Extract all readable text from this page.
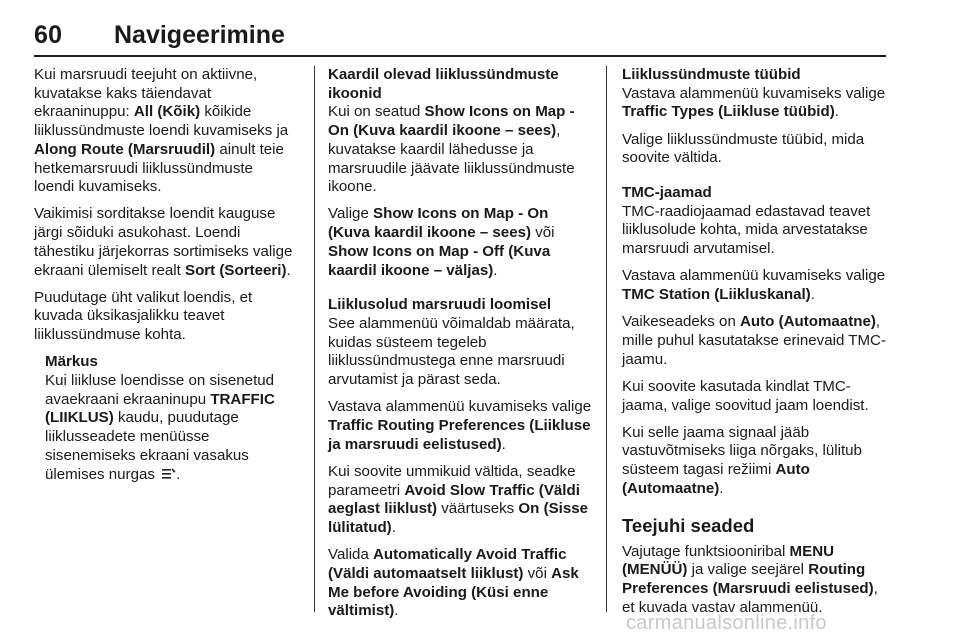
60 Navigeerimine

Kui marsruudi teejuht on aktiivne, kuvatakse kaks täiendavat ekraaninuppu: All (Kõik) kõikide liiklussündmuste loendi kuvamiseks ja Along Route (Marsruudil) ainult teie hetkemarsruudi liiklussündmuste loendi kuvamiseks.

Vaikimisi sorditakse loendit kauguse järgi sõiduki asukohast. Loendi tähestiku järjekorras sortimiseks valige ekraani ülemiselt realt Sort (Sorteeri).

Puudutage üht valikut loendis, et kuvada üksikasjalikku teavet liiklussündmuse kohta.

Märkus
Kui liikluse loendisse on sisenetud avaekraani ekraaninupu TRAFFIC (LIIKLUS) kaudu, puudutage liiklusseadete menüüsse sisenemiseks ekraani vasakus ülemises nurgas .
Kaardil olevad liiklussündmuste ikoonid

Kui on seatud Show Icons on Map - On (Kuva kaardil ikoone – sees), kuvatakse kaardil lähedusse ja marsruudile jäävate liiklussündmuste ikoone.

Valige Show Icons on Map - On (Kuva kaardil ikoone – sees) või Show Icons on Map - Off (Kuva kaardil ikoone – väljas).

Liiklusolud marsruudi loomisel

See alammenüü võimaldab määrata, kuidas süsteem tegeleb liiklussündmustega enne marsruudi arvutamist ja pärast seda.

Vastava alammenüü kuvamiseks valige Traffic Routing Preferences (Liikluse ja marsruudi eelistused).

Kui soovite ummikuid vältida, seadke parameetri Avoid Slow Traffic (Väldi aeglast liiklust) väärtuseks On (Sisse lülitatud).

Valida Automatically Avoid Traffic (Väldi automaatselt liiklust) või Ask Me before Avoiding (Küsi enne vältimist).

Liiklussündmuste tüübid

Vastava alammenüü kuvamiseks valige Traffic Types (Liikluse tüübid).

Valige liiklussündmuste tüübid, mida soovite vältida.

TMC-jaamad

TMC-raadiojaamad edastavad teavet liiklusolude kohta, mida arvestatakse marsruudi arvutamisel.

Vastava alammenüü kuvamiseks valige TMC Station (Liikluskanal).

Vaikeseadeks on Auto (Automaatne), mille puhul kasutatakse erinevaid TMC-jaamu.

Kui soovite kasutada kindlat TMC-jaama, valige soovitud jaam loendist.

Kui selle jaama signaal jääb vastuvõtmiseks liiga nõrgaks, lülitub süsteem tagasi režiimi Auto (Automaatne).

Teejuhi seaded

Vajutage funktsiooniribal MENU (MENÜÜ) ja valige seejärel Routing Preferences (Marsruudi eelistused), et kuvada vastav alammenüü.

carmanualsonline.info
